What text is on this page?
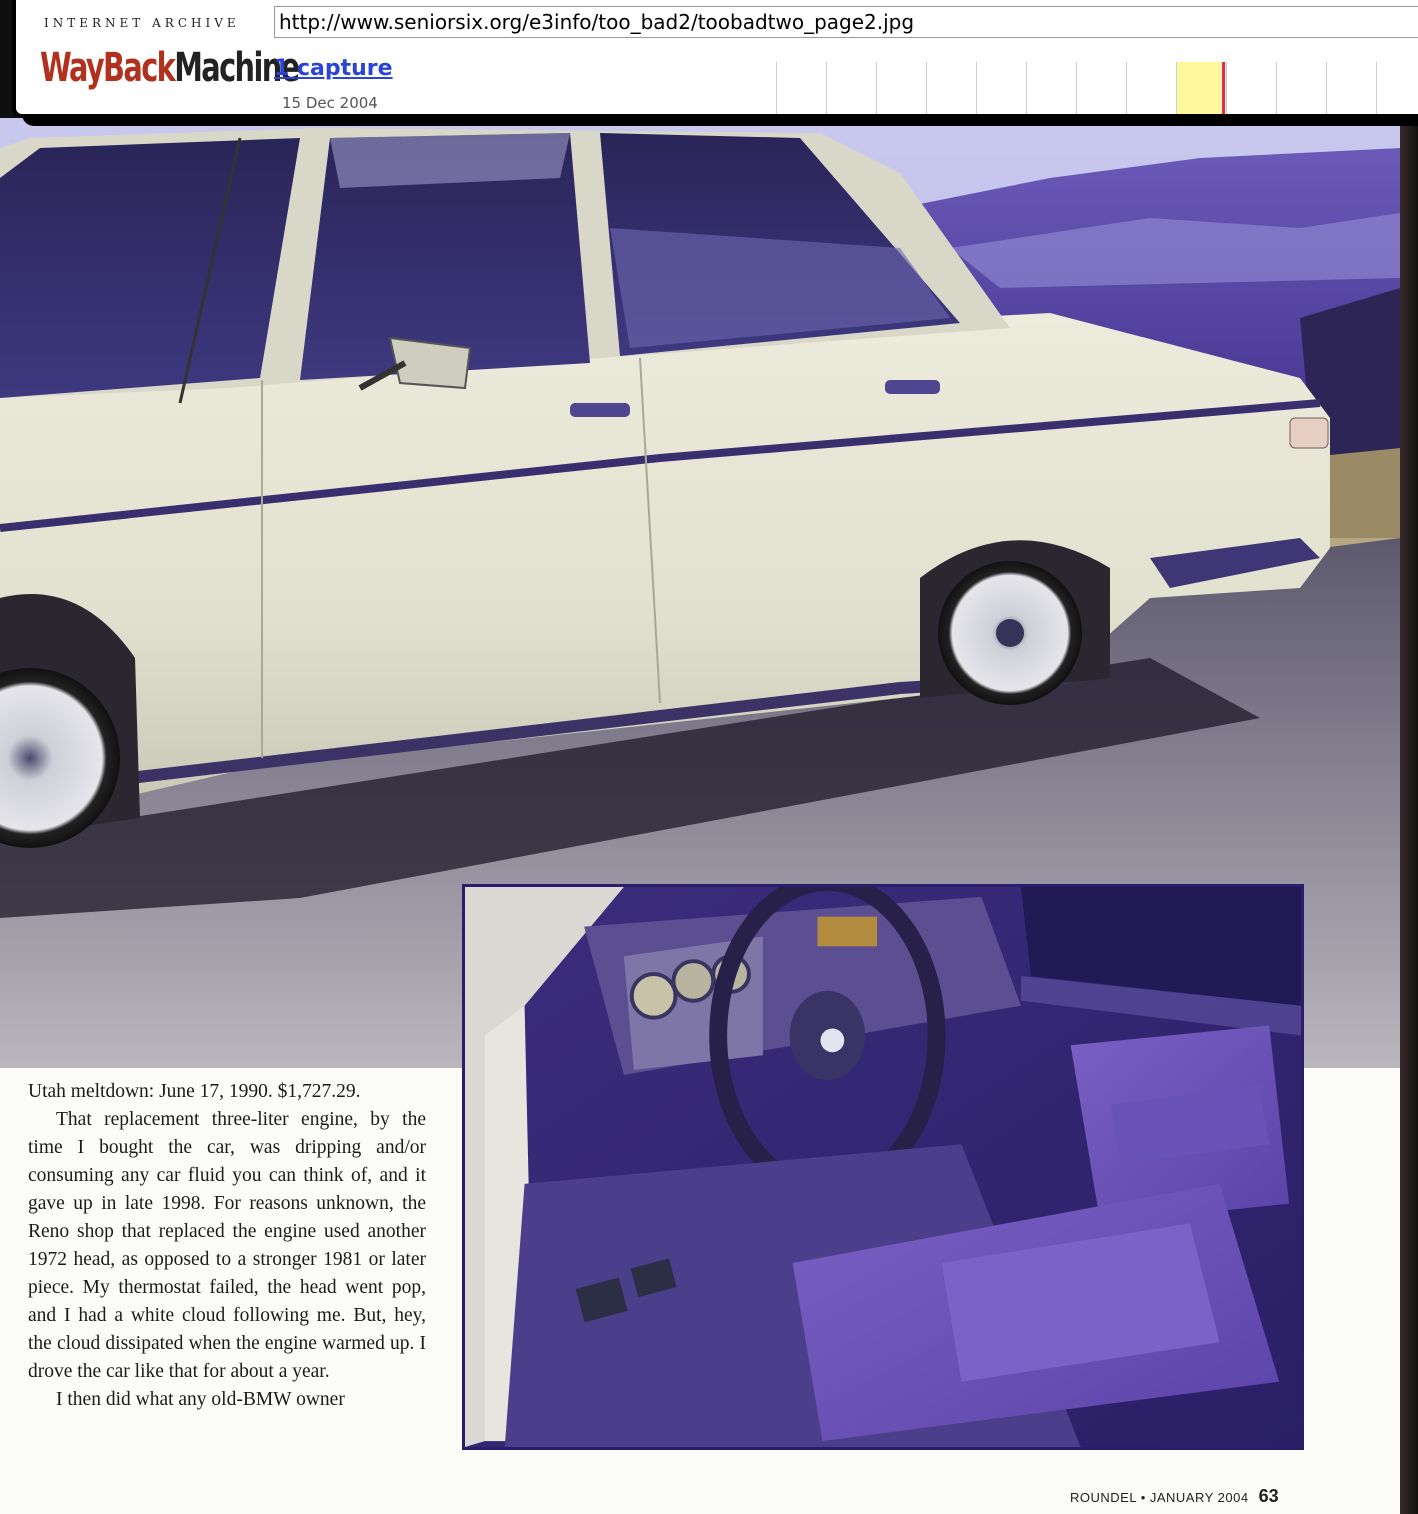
INTERNET ARCHIVE
WayBack Machine
http://www.seniorsix.org/e3info/too_bad2/toobadtwo_page2.jpg
1 capture
15 Dec 2004

Utah meltdown: June 17, 1990. $1,727.29.

That replacement three-liter engine, by the time I bought the car, was dripping and/or consuming any car fluid you can think of, and it gave up in late 1998. For reasons unknown, the Reno shop that replaced the engine used another 1972 head, as opposed to a stronger 1981 or later piece. My thermostat failed, the head went pop, and I had a white cloud following me. But, hey, the cloud dissipated when the engine warmed up. I drove the car like that for about a year.

I then did what any old-BMW owner

ROUNDEL • JANUARY 2004 63
